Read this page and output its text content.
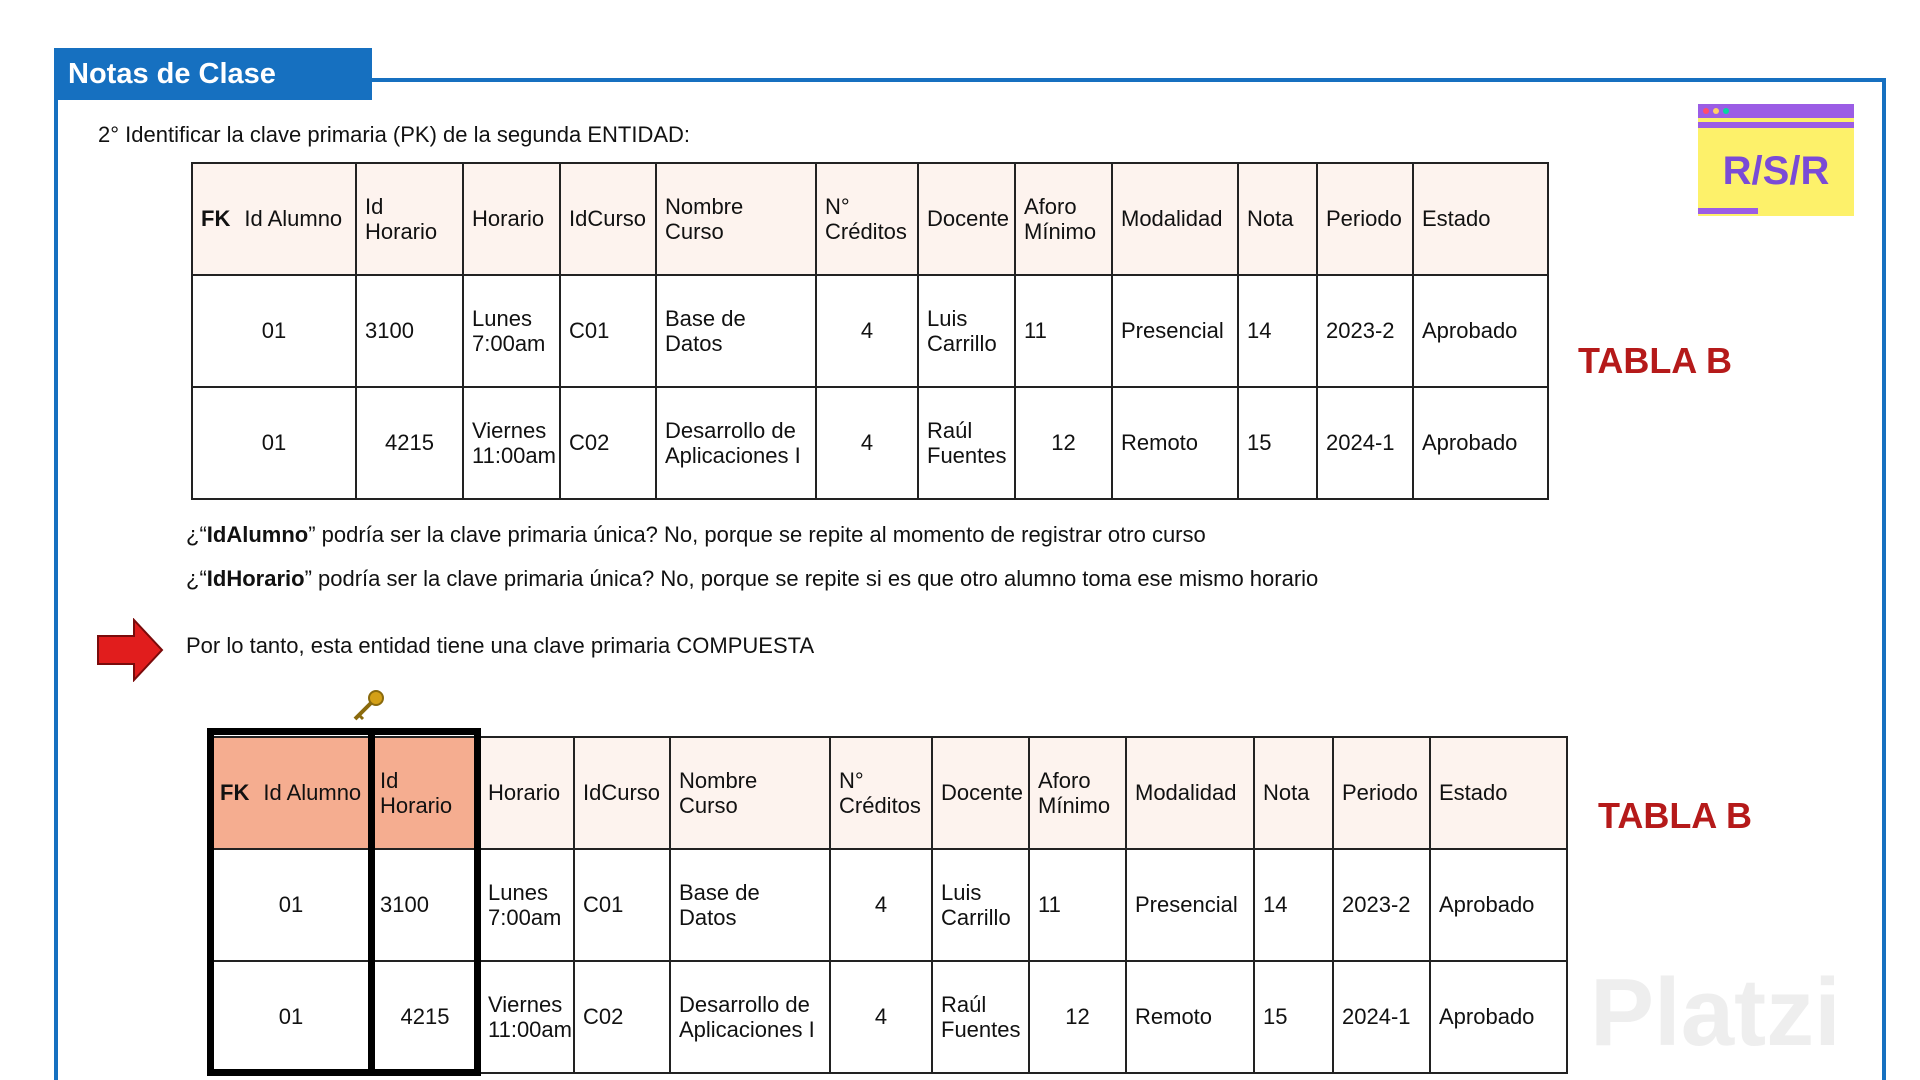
Notas de Clase
2° Identificar la clave primaria (PK) de la segunda ENTIDAD:
R/S/R
FK Id Alumno	Id Horario	Horario	IdCurso	Nombre Curso	N° Créditos	Docente	Aforo Mínimo	Modalidad	Nota	Periodo	Estado
01	3100	Lunes 7:00am	C01	Base de Datos	4	Luis Carrillo	11	Presencial	14	2023-2	Aprobado
01	4215	Viernes 11:00am	C02	Desarrollo de Aplicaciones I	4	Raúl Fuentes	12	Remoto	15	2024-1	Aprobado
TABLA B
¿“IdAlumno” podría ser la clave primaria única? No, porque se repite al momento de registrar otro curso
¿“IdHorario” podría ser la clave primaria única? No, porque se repite si es que otro alumno toma ese mismo horario
Por lo tanto, esta entidad tiene una clave primaria COMPUESTA
FK Id Alumno	Id Horario	Horario	IdCurso	Nombre Curso	N° Créditos	Docente	Aforo Mínimo	Modalidad	Nota	Periodo	Estado
01	3100	Lunes 7:00am	C01	Base de Datos	4	Luis Carrillo	11	Presencial	14	2023-2	Aprobado
01	4215	Viernes 11:00am	C02	Desarrollo de Aplicaciones I	4	Raúl Fuentes	12	Remoto	15	2024-1	Aprobado
TABLA B
Platzi
